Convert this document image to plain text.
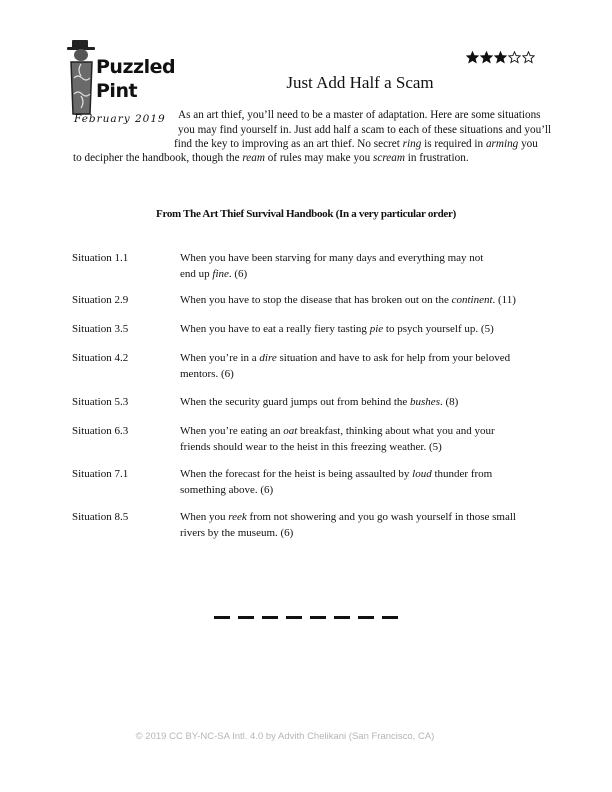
Puzzled
Pint
February 2019
Just Add Half a Scam
As an art thief, you’ll need to be a master of adaptation. Here are some situations
you may find yourself in. Just add half a scam to each of these situations and you’ll
find the key to improving as an art thief. No secret ring is required in arming you
to decipher the handbook, though the ream of rules may make you scream in frustration.
From The Art Thief Survival Handbook (In a very particular order)
Situation 1.1	When you have been starving for many days and everything may not end up fine. (6)
Situation 2.9	When you have to stop the disease that has broken out on the continent. (11)
Situation 3.5	When you have to eat a really fiery tasting pie to psych yourself up. (5)
Situation 4.2	When you’re in a dire situation and have to ask for help from your beloved mentors. (6)
Situation 5.3	When the security guard jumps out from behind the bushes. (8)
Situation 6.3	When you’re eating an oat breakfast, thinking about what you and your friends should wear to the heist in this freezing weather. (5)
Situation 7.1	When the forecast for the heist is being assaulted by loud thunder from something above. (6)
Situation 8.5	When you reek from not showering and you go wash yourself in those small rivers by the museum. (6)
© 2019 CC BY-NC-SA Intl. 4.0 by Advith Chelikani (San Francisco, CA)
